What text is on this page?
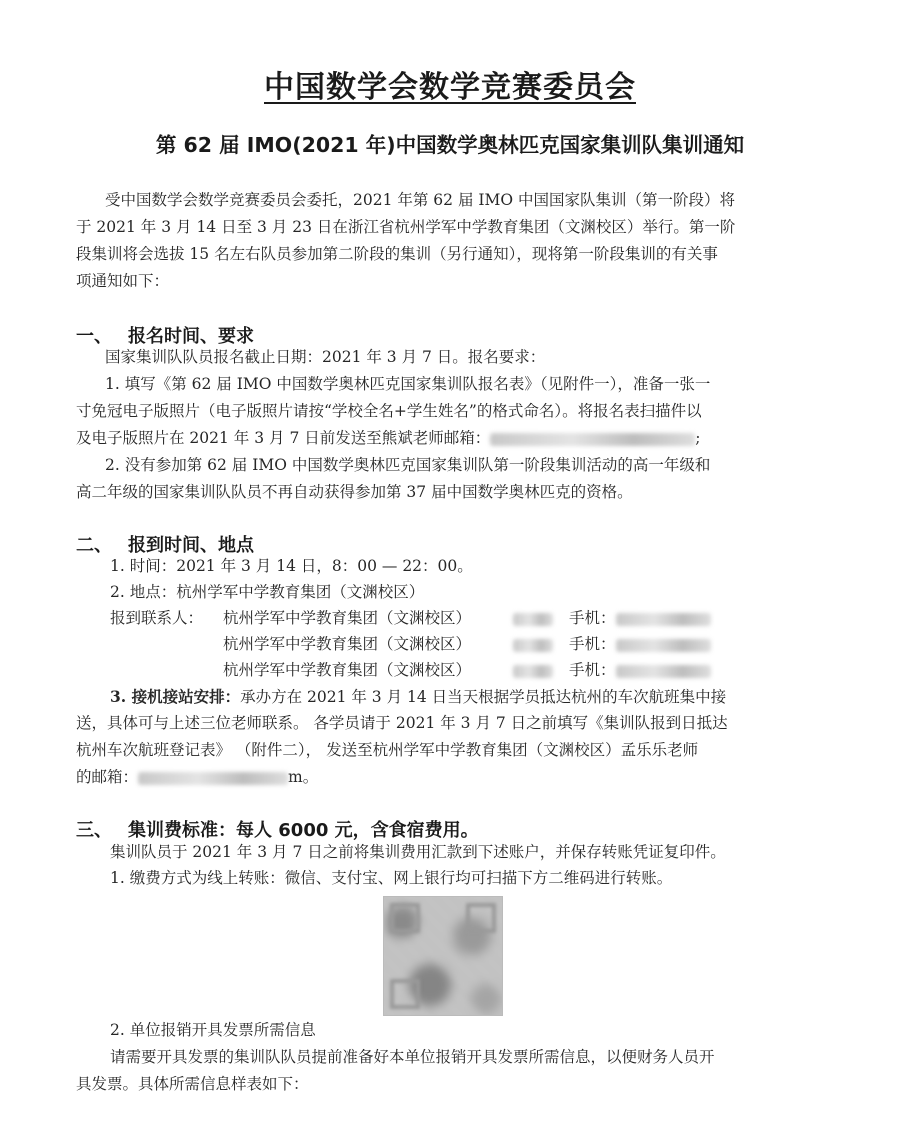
中国数学会数学竞赛委员会
第 62 届 IMO(2021 年)中国数学奥林匹克国家集训队集训通知
受中国数学会数学竞赛委员会委托，2021 年第 62 届 IMO 中国国家队集训（第一阶段）将
于 2021 年 3 月 14 日至 3 月 23 日在浙江省杭州学军中学教育集团（文渊校区）举行。第一阶
段集训将会选拔 15 名左右队员参加第二阶段的集训（另行通知），现将第一阶段集训的有关事
项通知如下：
一、 报名时间、要求
国家集训队队员报名截止日期：2021 年 3 月 7 日。报名要求：
1. 填写《第 62 届 IMO 中国数学奥林匹克国家集训队报名表》（见附件一），准备一张一
寸免冠电子版照片（电子版照片请按“学校全名+学生姓名”的格式命名）。将报名表扫描件以
及电子版照片在 2021 年 3 月 7 日前发送至熊斌老师邮箱：	;
2. 没有参加第 62 届 IMO 中国数学奥林匹克国家集训队第一阶段集训活动的高一年级和
高二年级的国家集训队队员不再自动获得参加第 37 届中国数学奥林匹克的资格。
二、 报到时间、地点
1. 时间：2021 年 3 月 14 日，8：00 — 22：00。
2. 地点：杭州学军中学教育集团（文渊校区）
报到联系人： 杭州学军中学教育集团（文渊校区）	手机：
杭州学军中学教育集团（文渊校区）	手机：
杭州学军中学教育集团（文渊校区）	手机：
3. 接机接站安排：承办方在 2021 年 3 月 14 日当天根据学员抵达杭州的车次航班集中接
送，具体可与上述三位老师联系。 各学员请于 2021 年 3 月 7 日之前填写《集训队报到日抵达
杭州车次航班登记表》 （附件二）， 发送至杭州学军中学教育集团（文渊校区）孟乐乐老师
的邮箱：	m。
三、 集训费标准：每人 6000 元，含食宿费用。
集训队员于 2021 年 3 月 7 日之前将集训费用汇款到下述账户，并保存转账凭证复印件。
1. 缴费方式为线上转账：微信、支付宝、网上银行均可扫描下方二维码进行转账。
2. 单位报销开具发票所需信息
请需要开具发票的集训队队员提前准备好本单位报销开具发票所需信息，以便财务人员开
具发票。具体所需信息样表如下：
